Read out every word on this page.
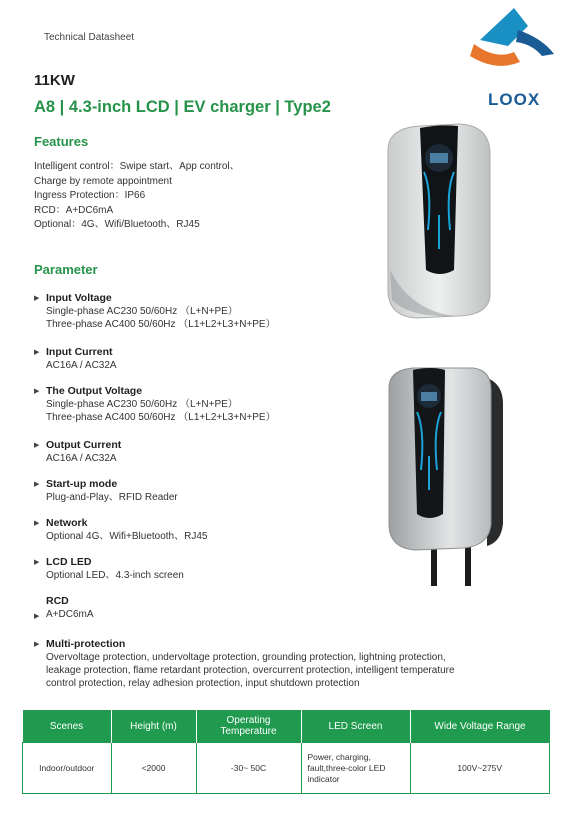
Technical Datasheet
11KW
A8 | 4.3-inch LCD | EV charger | Type2	LOOX
Features
Intelligent control：Swipe start、App control、
Charge by remote appointment
Ingress Protection：IP66
RCD：A+DC6mA
Optional：4G、Wifi/Bluetooth、RJ45
Parameter
▶ Input Voltage
Single-phase AC230 50/60Hz （L+N+PE）
Three-phase AC400 50/60Hz （L1+L2+L3+N+PE）
▶ Input Current
AC16A / AC32A
▶ The Output Voltage
Single-phase AC230 50/60Hz （L+N+PE）
Three-phase AC400 50/60Hz （L1+L2+L3+N+PE）
▶ Output Current
AC16A / AC32A
▶ Start-up mode
Plug-and-Play、RFID Reader
▶ Network
Optional 4G、Wifi+Bluetooth、RJ45
▶ LCD LED
Optional LED、4.3-inch screen
RCD
▶ A+DC6mA
▶ Multi-protection
Overvoltage protection, undervoltage protection, grounding protection, lightning protection,
leakage protection, flame retardant protection, overcurrent protection, intelligent temperature
control protection, relay adhesion protection, input shutdown protection
Scenes	Height (m)	Operating Temperature	LED Screen	Wide Voltage Range
Indoor/outdoor	<2000	-30~ 50C	Power, charging, fault,three-color LED indicator	100V~275V
